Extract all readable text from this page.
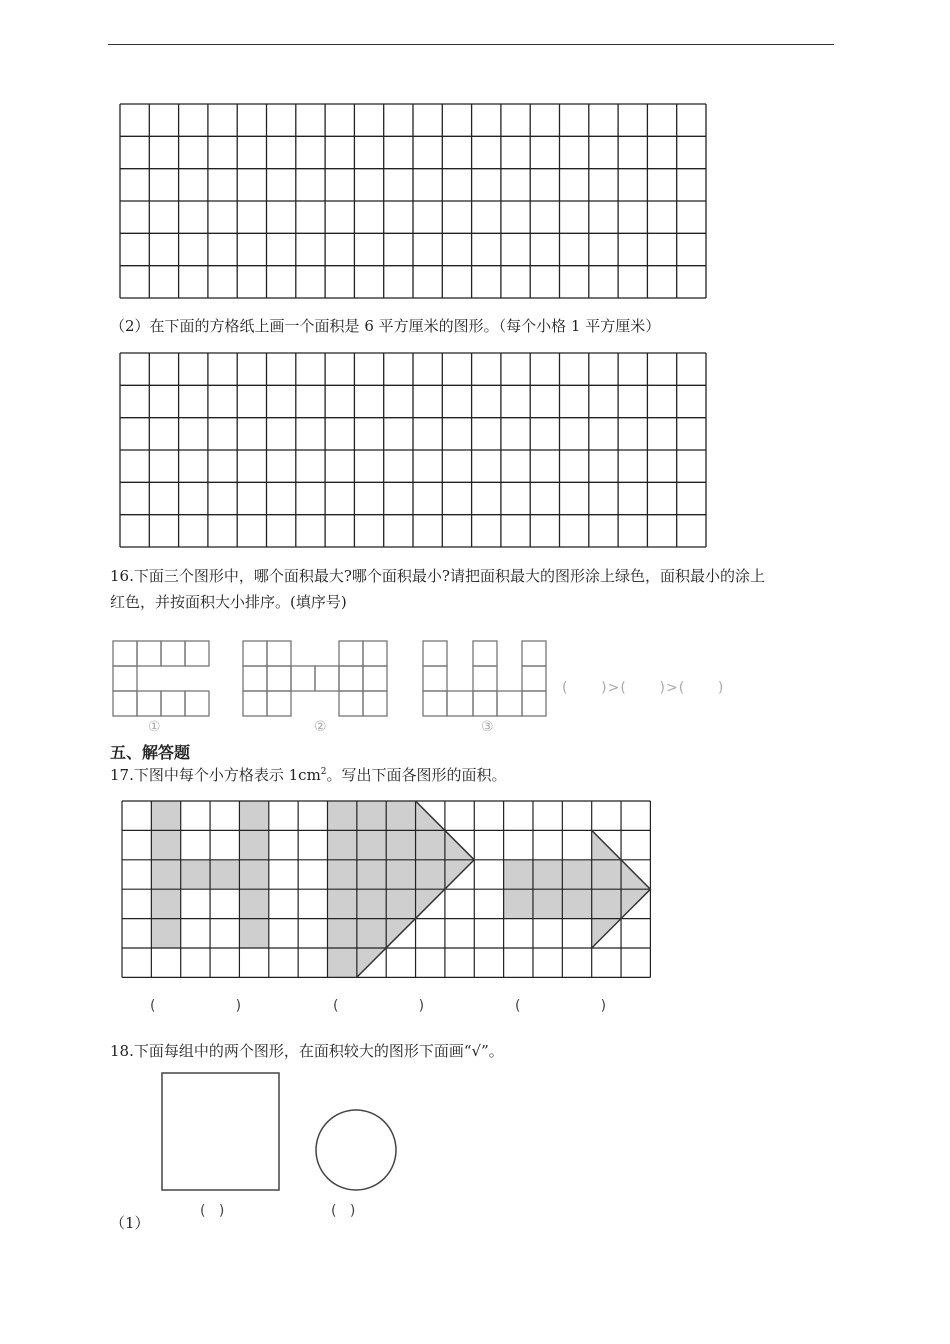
（2）在下面的方格纸上画一个面积是 6 平方厘米的图形。（每个小格 1 平方厘米）
16.下面三个图形中，哪个面积最大?哪个面积最小?请把面积最大的图形涂上绿色，面积最小的涂上
红色，并按面积大小排序。(填序号)
①	②	③
(      )>(      )>(      )
五、解答题
17.下图中每个小方格表示 $1cm^2$。写出下面各图形的面积。
(                  )	(                  )	(                  )
18.下面每组中的两个图形，在面积较大的图形下面画“√”。
(   )	(   )
（1）
